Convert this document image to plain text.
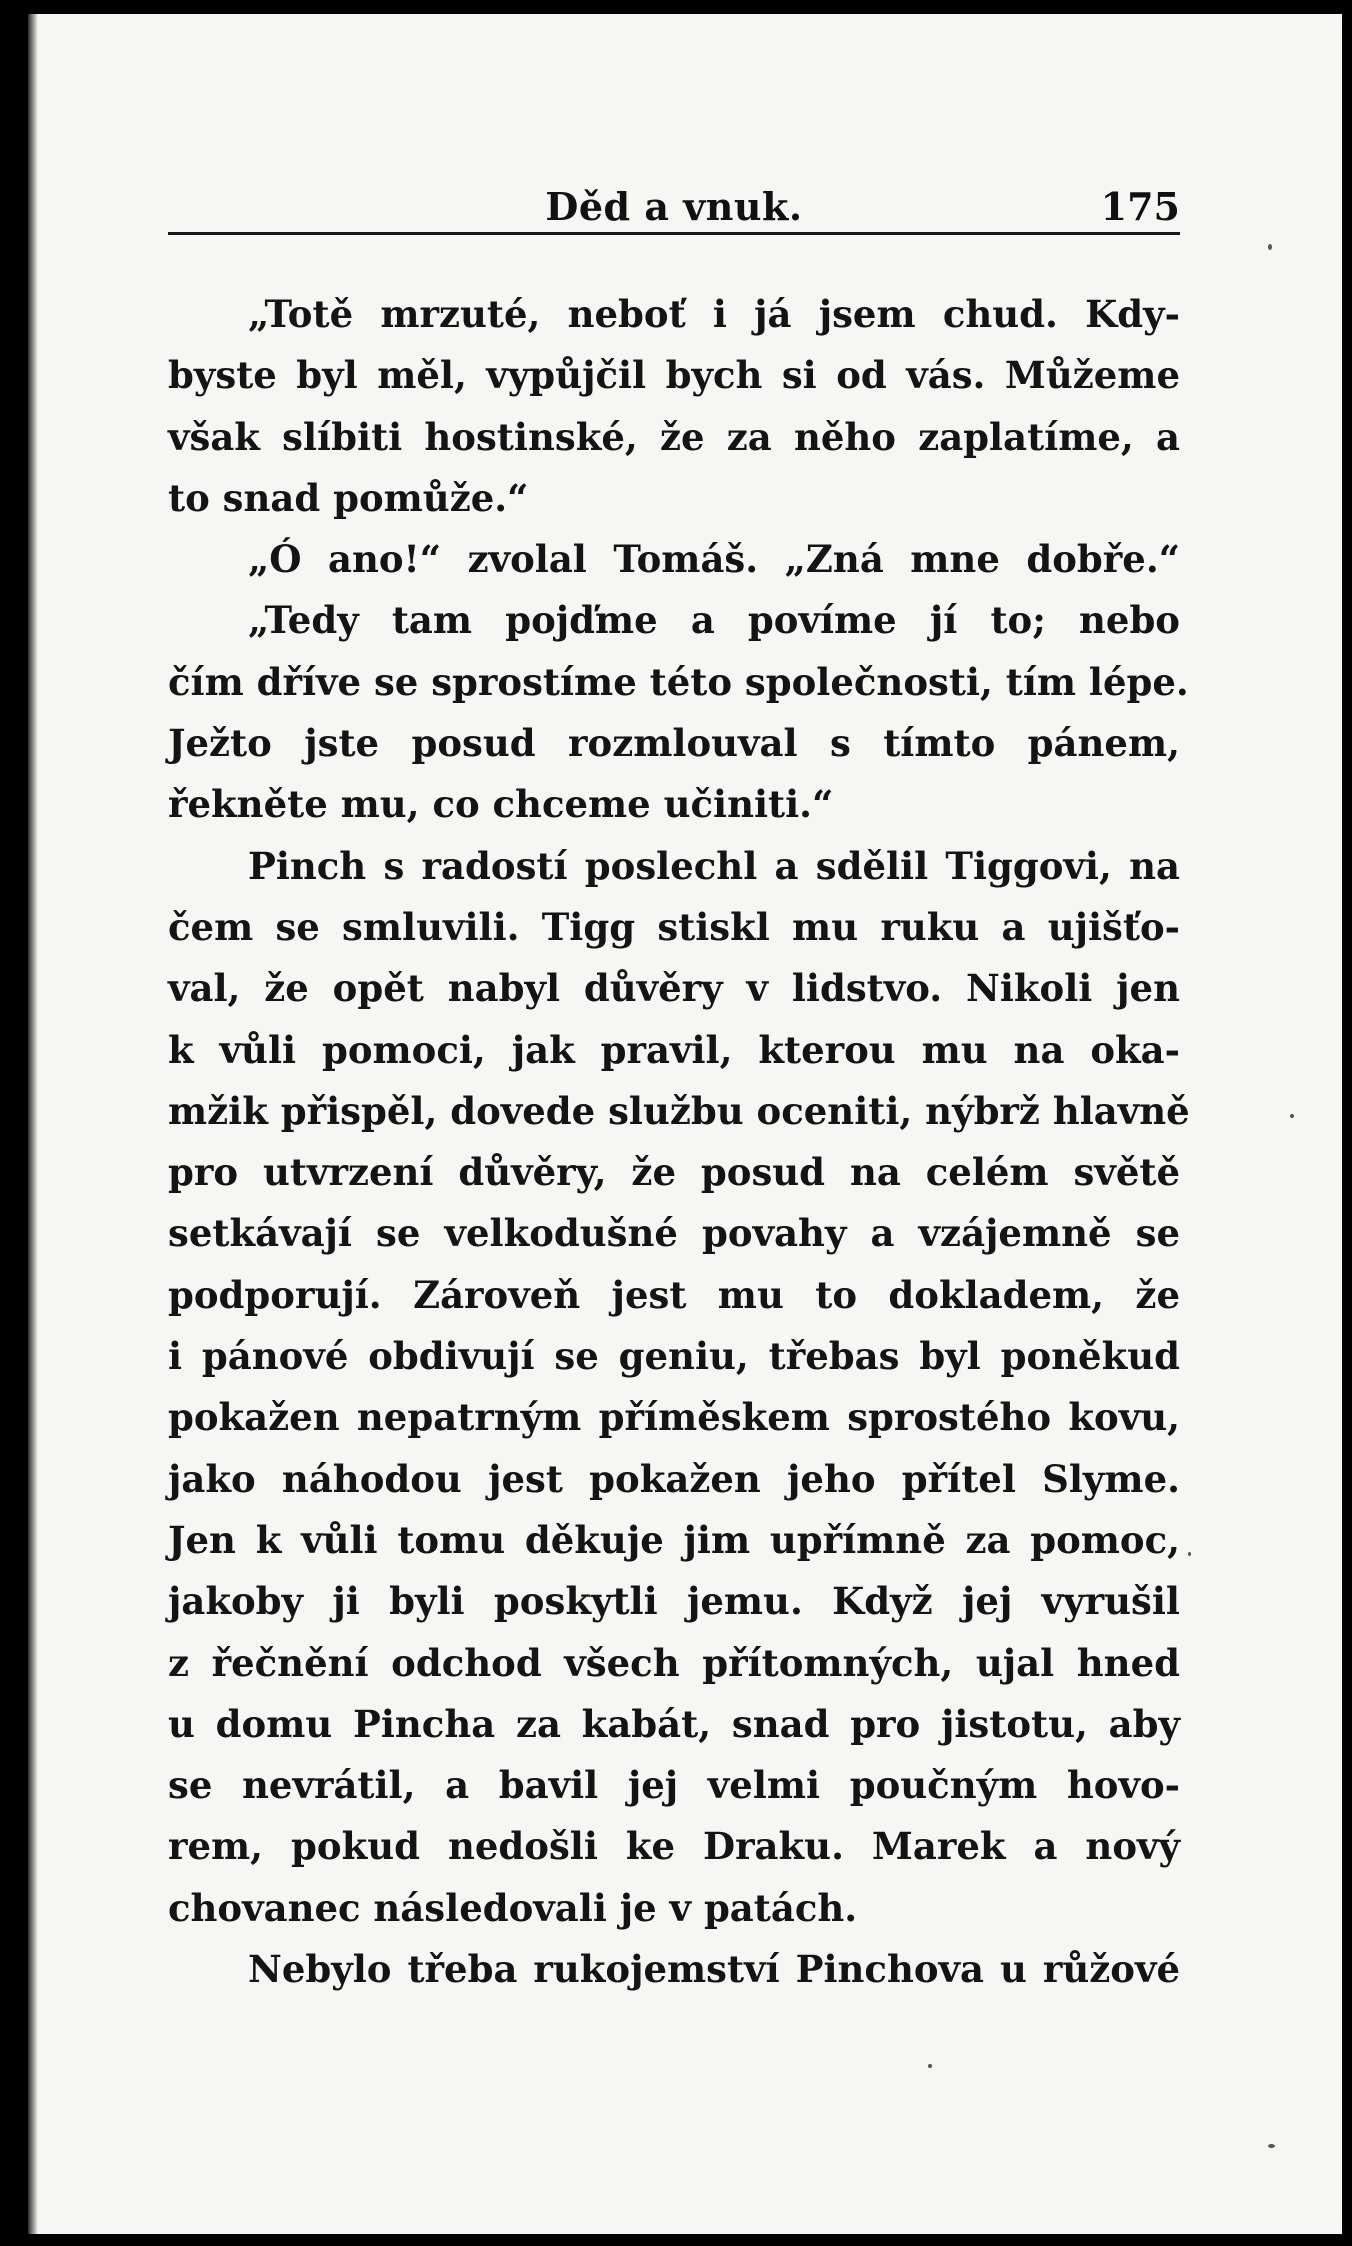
Děd a vnuk.	175
„Totě mrzuté, neboť i já jsem chud. Kdy-
byste byl měl, vypůjčil bych si od vás. Můžeme
však slíbiti hostinské, že za něho zaplatíme, a
to snad pomůže.“
„Ó ano!“ zvolal Tomáš. „Zná mne dobře.“
„Tedy tam pojďme a povíme jí to; nebo
čím dříve se sprostíme této společnosti, tím lépe.
Ježto jste posud rozmlouval s tímto pánem,
řekněte mu, co chceme učiniti.“
Pinch s radostí poslechl a sdělil Tiggovi, na
čem se smluvili. Tigg stiskl mu ruku a ujišťo-
val, že opět nabyl důvěry v lidstvo. Nikoli jen
k vůli pomoci, jak pravil, kterou mu na oka-
mžik přispěl, dovede službu oceniti, nýbrž hlavně
pro utvrzení důvěry, že posud na celém světě
setkávají se velkodušné povahy a vzájemně se
podporují. Zároveň jest mu to dokladem, že
i pánové obdivují se geniu, třebas byl poněkud
pokažen nepatrným příměskem sprostého kovu,
jako náhodou jest pokažen jeho přítel Slyme.
Jen k vůli tomu děkuje jim upřímně za pomoc,
jakoby ji byli poskytli jemu. Když jej vyrušil
z řečnění odchod všech přítomných, ujal hned
u domu Pincha za kabát, snad pro jistotu, aby
se nevrátil, a bavil jej velmi poučným hovo-
rem, pokud nedošli ke Draku. Marek a nový
chovanec následovali je v patách.
Nebylo třeba rukojemství Pinchova u růžové
